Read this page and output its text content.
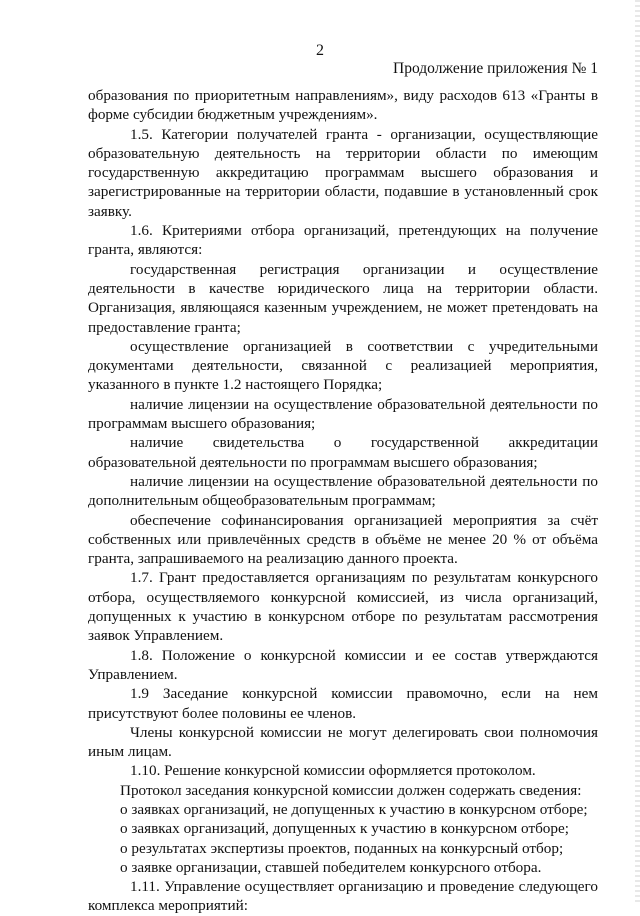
2
Продолжение приложения № 1

образования по приоритетным направлениям», виду расходов 613 «Гранты в форме субсидии бюджетным учреждениям».

1.5. Категории получателей гранта - организации, осуществляющие образовательную деятельность на территории области по имеющим государственную аккредитацию программам высшего образования и зарегистрированные на территории области, подавшие в установленный срок заявку.

1.6. Критериями отбора организаций, претендующих на получение гранта, являются:

государственная регистрация организации и осуществление деятельности в качестве юридического лица на территории области. Организация, являющаяся казенным учреждением, не может претендовать на предоставление гранта;

осуществление организацией в соответствии с учредительными документами деятельности, связанной с реализацией мероприятия, указанного в пункте 1.2 настоящего Порядка;

наличие лицензии на осуществление образовательной деятельности по программам высшего образования;

наличие свидетельства о государственной аккредитации образовательной деятельности по программам высшего образования;

наличие лицензии на осуществление образовательной деятельности по дополнительным общеобразовательным программам;

обеспечение софинансирования организацией мероприятия за счёт собственных или привлечённых средств в объёме не менее 20 % от объёма гранта, запрашиваемого на реализацию данного проекта.

1.7. Грант предоставляется организациям по результатам конкурсного отбора, осуществляемого конкурсной комиссией, из числа организаций, допущенных к участию в конкурсном отборе по результатам рассмотрения заявок Управлением.

1.8. Положение о конкурсной комиссии и ее состав утверждаются Управлением.

1.9 Заседание конкурсной комиссии правомочно, если на нем присутствуют более половины ее членов.

Члены конкурсной комиссии не могут делегировать свои полномочия иным лицам.

1.10. Решение конкурсной комиссии оформляется протоколом.

Протокол заседания конкурсной комиссии должен содержать сведения:

о заявках организаций, не допущенных к участию в конкурсном отборе;

о заявках организаций, допущенных к участию в конкурсном отборе;

о результатах экспертизы проектов, поданных на конкурсный отбор;

о заявке организации, ставшей победителем конкурсного отбора.

1.11. Управление осуществляет организацию и проведение следующего комплекса мероприятий:
